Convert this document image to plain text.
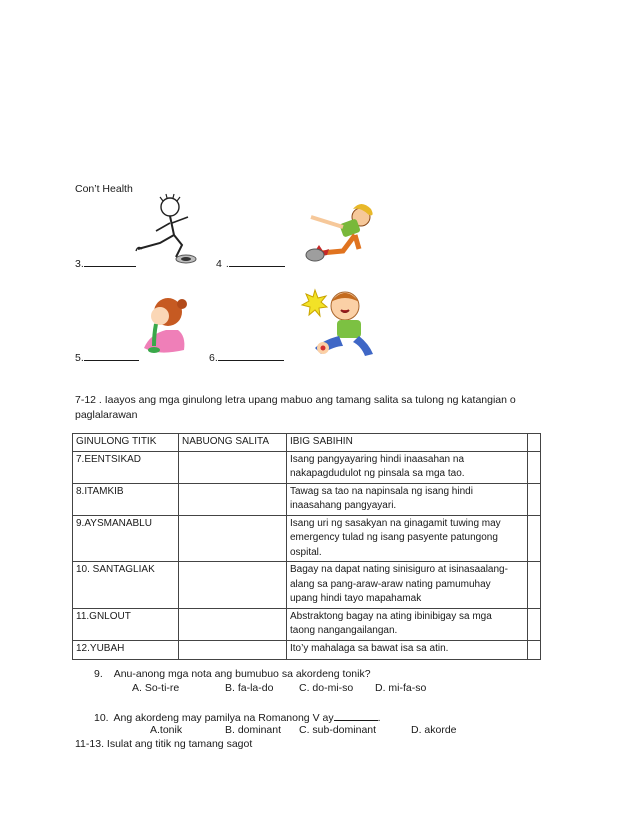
Con’t Health
3.	4 .
5.	6.
7-12 . Iaayos ang mga ginulong letra upang mabuo ang tamang salita sa tulong ng katangian o
paglalarawan
GINULONG TITIK	NABUONG SALITA	IBIG SABIHIN	
7.EENTSIKAD		Isang pangyayaring hindi inaasahan na
nakapagdudulot ng pinsala sa mga tao.	

8.ITAMKIB		Tawag sa tao na napinsala ng isang hindi
inaasahang pangyayari.	

9.AYSMANABLU		Isang uri ng sasakyan na ginagamit tuwing may
emergency tulad ng isang pasyente patungong
ospital.	

10. SANTAGLIAK		Bagay na dapat nating sinisiguro at isinasaalang-
alang sa pang-araw-araw nating pamumuhay
upang hindi tayo mapahamak	

11.GNLOUT		Abstraktong bagay na ating ibinibigay sa mga
taong nangangailangan.	

12.YUBAH		Ito’y mahalaga sa bawat isa sa atin.	

9. Anu-anong mga nota ang bumubuo sa akordeng tonik?
A. So-ti-re	B. fa-la-do C. do-mi-so D. mi-fa-so
10. Ang akordeng may pamilya na Romanong V ay	.
A.tonik	B. dominant C. sub-dominant	D. akorde
11-13. Isulat ang titik ng tamang sagot
